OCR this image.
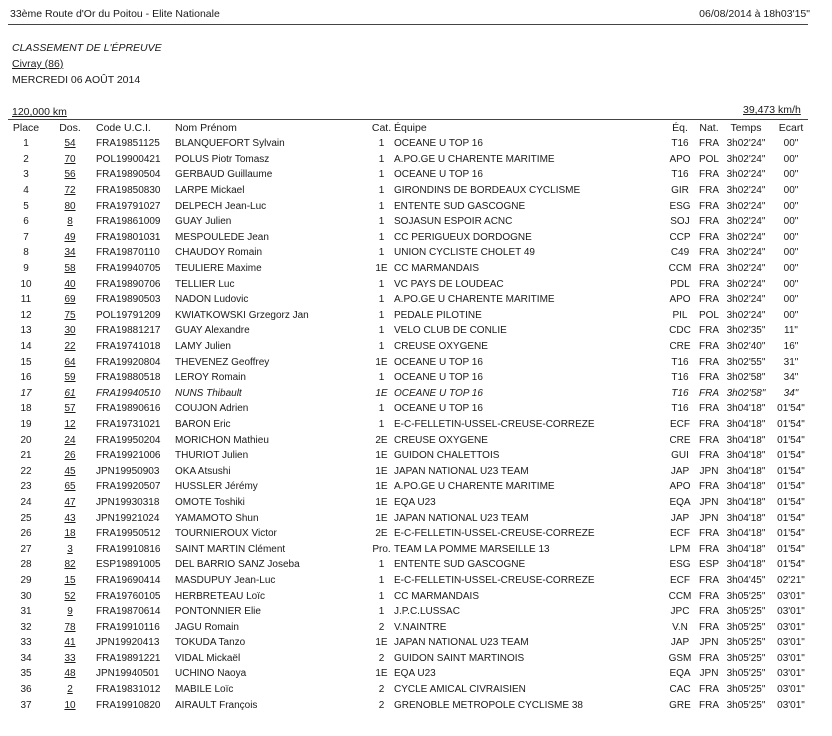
33ème Route d'Or du Poitou - Elite Nationale	06/08/2014 à 18h03'15"
CLASSEMENT DE L'ÉPREUVE
Civray (86)
MERCREDI 06 AOÛT 2014
120,000 km	39,473 km/h
Place	Dos.	Code U.C.I.	Nom Prénom	Cat.	Équipe	Éq.	Nat.	Temps	Ecart
1	54	FRA19851125	BLANQUEFORT Sylvain	1	OCEANE U TOP 16	T16	FRA	3h02'24"	00"
2	70	POL19900421	POLUS Piotr Tomasz	1	A.PO.GE U CHARENTE MARITIME	APO	POL	3h02'24"	00"
3	56	FRA19890504	GERBAUD Guillaume	1	OCEANE U TOP 16	T16	FRA	3h02'24"	00"
4	72	FRA19850830	LARPE Mickael	1	GIRONDINS DE BORDEAUX CYCLISME	GIR	FRA	3h02'24"	00"
5	80	FRA19791027	DELPECH Jean-Luc	1	ENTENTE SUD GASCOGNE	ESG	FRA	3h02'24"	00"
6	8	FRA19861009	GUAY Julien	1	SOJASUN ESPOIR ACNC	SOJ	FRA	3h02'24"	00"
7	49	FRA19801031	MESPOULEDE Jean	1	CC PERIGUEUX DORDOGNE	CCP	FRA	3h02'24"	00"
8	34	FRA19870110	CHAUDOY Romain	1	UNION CYCLISTE CHOLET 49	C49	FRA	3h02'24"	00"
9	58	FRA19940705	TEULIERE Maxime	1E	CC MARMANDAIS	CCM	FRA	3h02'24"	00"
10	40	FRA19890706	TELLIER Luc	1	VC PAYS DE LOUDEAC	PDL	FRA	3h02'24"	00"
11	69	FRA19890503	NADON Ludovic	1	A.PO.GE U CHARENTE MARITIME	APO	FRA	3h02'24"	00"
12	75	POL19791209	KWIATKOWSKI Grzegorz Jan	1	PEDALE PILOTINE	PIL	POL	3h02'24"	00"
13	30	FRA19881217	GUAY Alexandre	1	VELO CLUB DE CONLIE	CDC	FRA	3h02'35"	11"
14	22	FRA19741018	LAMY Julien	1	CREUSE OXYGENE	CRE	FRA	3h02'40"	16"
15	64	FRA19920804	THEVENEZ Geoffrey	1E	OCEANE U TOP 16	T16	FRA	3h02'55"	31"
16	59	FRA19880518	LEROY Romain	1	OCEANE U TOP 16	T16	FRA	3h02'58"	34"
17	61	FRA19940510	NUNS Thibault	1E	OCEANE U TOP 16	T16	FRA	3h02'58"	34"
18	57	FRA19890616	COUJON Adrien	1	OCEANE U TOP 16	T16	FRA	3h04'18"	01'54"
19	12	FRA19731021	BARON Eric	1	E-C-FELLETIN-USSEL-CREUSE-CORREZE	ECF	FRA	3h04'18"	01'54"
20	24	FRA19950204	MORICHON Mathieu	2E	CREUSE OXYGENE	CRE	FRA	3h04'18"	01'54"
21	26	FRA19921006	THURIOT Julien	1E	GUIDON CHALETTOIS	GUI	FRA	3h04'18"	01'54"
22	45	JPN19950903	OKA Atsushi	1E	JAPAN NATIONAL U23 TEAM	JAP	JPN	3h04'18"	01'54"
23	65	FRA19920507	HUSSLER Jérémy	1E	A.PO.GE U CHARENTE MARITIME	APO	FRA	3h04'18"	01'54"
24	47	JPN19930318	OMOTE Toshiki	1E	EQA U23	EQA	JPN	3h04'18"	01'54"
25	43	JPN19921024	YAMAMOTO Shun	1E	JAPAN NATIONAL U23 TEAM	JAP	JPN	3h04'18"	01'54"
26	18	FRA19950512	TOURNIEROUX Victor	2E	E-C-FELLETIN-USSEL-CREUSE-CORREZE	ECF	FRA	3h04'18"	01'54"
27	3	FRA19910816	SAINT MARTIN Clément	Pro.	TEAM LA POMME MARSEILLE 13	LPM	FRA	3h04'18"	01'54"
28	82	ESP19891005	DEL BARRIO SANZ Joseba	1	ENTENTE SUD GASCOGNE	ESG	ESP	3h04'18"	01'54"
29	15	FRA19690414	MASDUPUY Jean-Luc	1	E-C-FELLETIN-USSEL-CREUSE-CORREZE	ECF	FRA	3h04'45"	02'21"
30	52	FRA19760105	HERBRETEAU Loïc	1	CC MARMANDAIS	CCM	FRA	3h05'25"	03'01"
31	9	FRA19870614	PONTONNIER Elie	1	J.P.C.LUSSAC	JPC	FRA	3h05'25"	03'01"
32	78	FRA19910116	JAGU Romain	2	V.NAINTRE	V.N	FRA	3h05'25"	03'01"
33	41	JPN19920413	TOKUDA Tanzo	1E	JAPAN NATIONAL U23 TEAM	JAP	JPN	3h05'25"	03'01"
34	33	FRA19891221	VIDAL Mickaël	2	GUIDON SAINT MARTINOIS	GSM	FRA	3h05'25"	03'01"
35	48	JPN19940501	UCHINO Naoya	1E	EQA U23	EQA	JPN	3h05'25"	03'01"
36	2	FRA19831012	MABILE Loïc	2	CYCLE AMICAL CIVRAISIEN	CAC	FRA	3h05'25"	03'01"
37	10	FRA19910820	AIRAULT François	2	GRENOBLE METROPOLE CYCLISME 38	GRE	FRA	3h05'25"	03'01"
